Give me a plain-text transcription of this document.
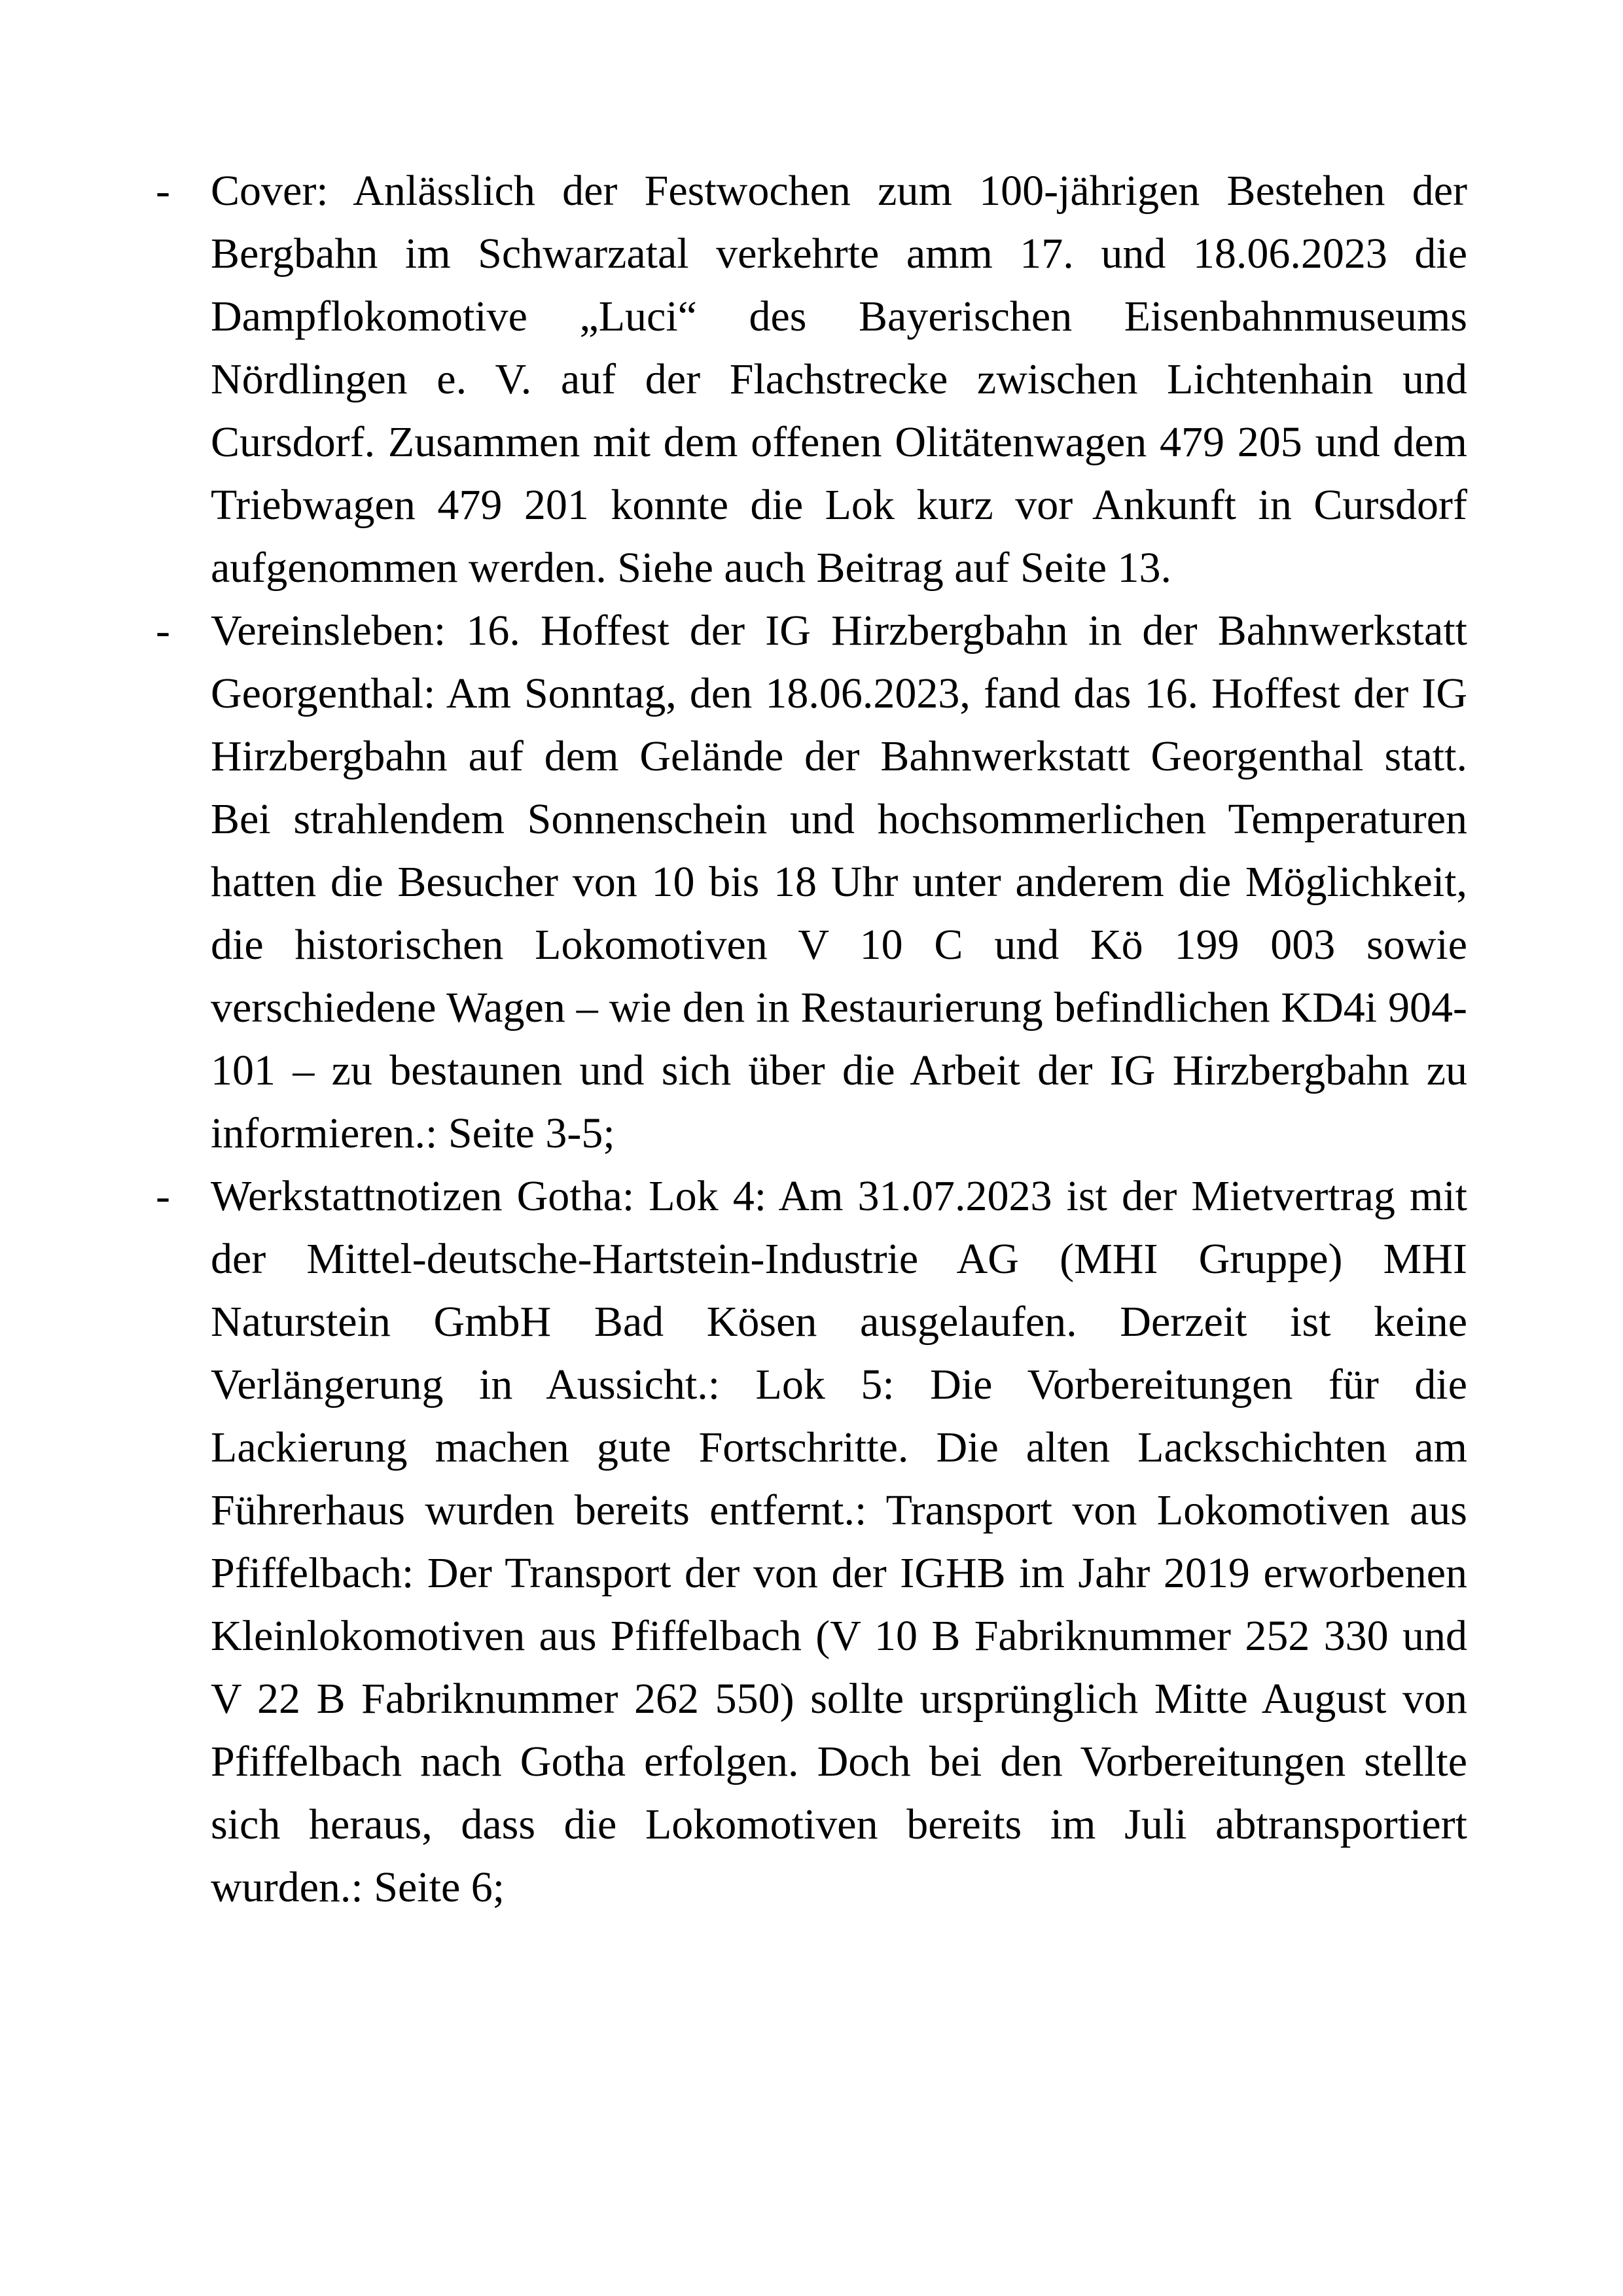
- Cover: Anlässlich der Festwochen zum 100-jährigen Bestehen der Bergbahn im Schwarzatal verkehrte amm 17. und 18.06.2023 die Dampflokomotive „Luci“ des Bayerischen Eisenbahnmuseums Nördlingen e. V. auf der Flachstrecke zwischen Lichtenhain und Cursdorf. Zusammen mit dem offenen Olitätenwagen 479 205 und dem Triebwagen 479 201 konnte die Lok kurz vor Ankunft in Cursdorf aufgenommen werden. Siehe auch Beitrag auf Seite 13.

- Vereinsleben: 16. Hoffest der IG Hirzbergbahn in der Bahnwerkstatt Georgenthal: Am Sonntag, den 18.06.2023, fand das 16. Hoffest der IG Hirzbergbahn auf dem Gelände der Bahnwerkstatt Georgenthal statt. Bei strahlendem Sonnenschein und hochsommerlichen Temperaturen hatten die Besucher von 10 bis 18 Uhr unter anderem die Möglichkeit, die historischen Lokomotiven V 10 C und Kö 199 003 sowie verschiedene Wagen – wie den in Restaurierung befindlichen KD4i 904-101 – zu bestaunen und sich über die Arbeit der IG Hirzbergbahn zu informieren.: Seite 3-5;

- Werkstattnotizen Gotha: Lok 4: Am 31.07.2023 ist der Mietvertrag mit der Mittel-deutsche-Hartstein-Industrie AG (MHI Gruppe) MHI Naturstein GmbH Bad Kösen ausgelaufen. Derzeit ist keine Verlängerung in Aussicht.: Lok 5: Die Vorbereitungen für die Lackierung machen gute Fortschritte. Die alten Lackschichten am Führerhaus wurden bereits entfernt.: Transport von Lokomotiven aus Pfiffelbach: Der Transport der von der IGHB im Jahr 2019 erworbenen Kleinlokomotiven aus Pfiffelbach (V 10 B Fabriknummer 252 330 und V 22 B Fabriknummer 262 550) sollte ursprünglich Mitte August von Pfiffelbach nach Gotha erfolgen. Doch bei den Vorbereitungen stellte sich heraus, dass die Lokomotiven bereits im Juli abtransportiert wurden.: Seite 6;
